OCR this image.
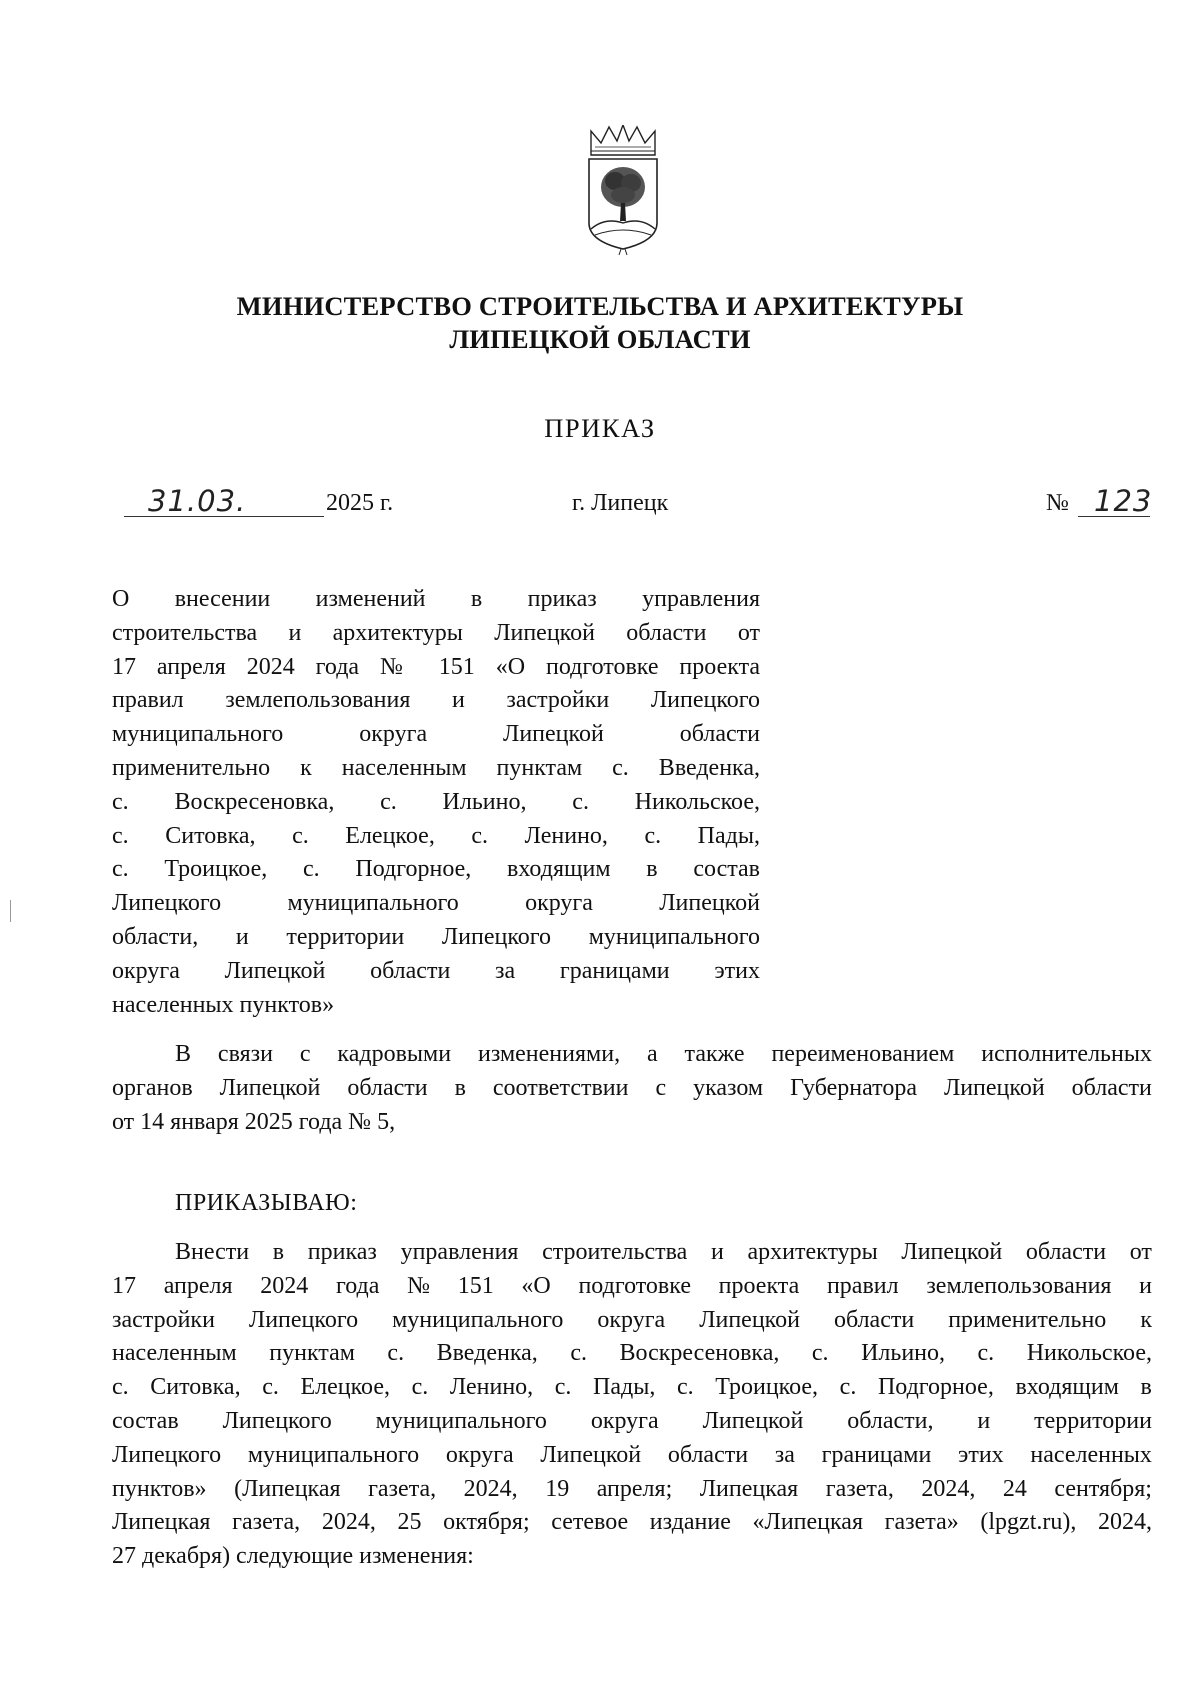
МИНИСТЕРСТВО СТРОИТЕЛЬСТВА И АРХИТЕКТУРЫ
ЛИПЕЦКОЙ ОБЛАСТИ
ПРИКАЗ
31.03.	2025 г.	г. Липецк	№ 123
О внесении изменений в приказ управления
строительства и архитектуры Липецкой области от
17 апреля 2024 года № 151 «О подготовке проекта
правил землепользования и застройки Липецкого
муниципального округа Липецкой области
применительно к населенным пунктам с. Введенка,
с. Воскресеновка, с. Ильино, с. Никольское,
с. Ситовка, с. Елецкое, с. Ленино, с. Пады,
с. Троицкое, с. Подгорное, входящим в состав
Липецкого муниципального округа Липецкой
области, и территории Липецкого муниципального
округа Липецкой области за границами этих
населенных пунктов»
В связи с кадровыми изменениями, а также переименованием исполнительных
органов Липецкой области в соответствии с указом Губернатора Липецкой области
от 14 января 2025 года № 5,
ПРИКАЗЫВАЮ:
Внести в приказ управления строительства и архитектуры Липецкой области от
17 апреля 2024 года № 151 «О подготовке проекта правил землепользования и
застройки Липецкого муниципального округа Липецкой области применительно к
населенным пунктам с. Введенка, с. Воскресеновка, с. Ильино, с. Никольское,
с. Ситовка, с. Елецкое, с. Ленино, с. Пады, с. Троицкое, с. Подгорное, входящим в
состав Липецкого муниципального округа Липецкой области, и территории
Липецкого муниципального округа Липецкой области за границами этих населенных
пунктов» (Липецкая газета, 2024, 19 апреля; Липецкая газета, 2024, 24 сентября;
Липецкая газета, 2024, 25 октября; сетевое издание «Липецкая газета» (lpgzt.ru), 2024,
27 декабря) следующие изменения:
